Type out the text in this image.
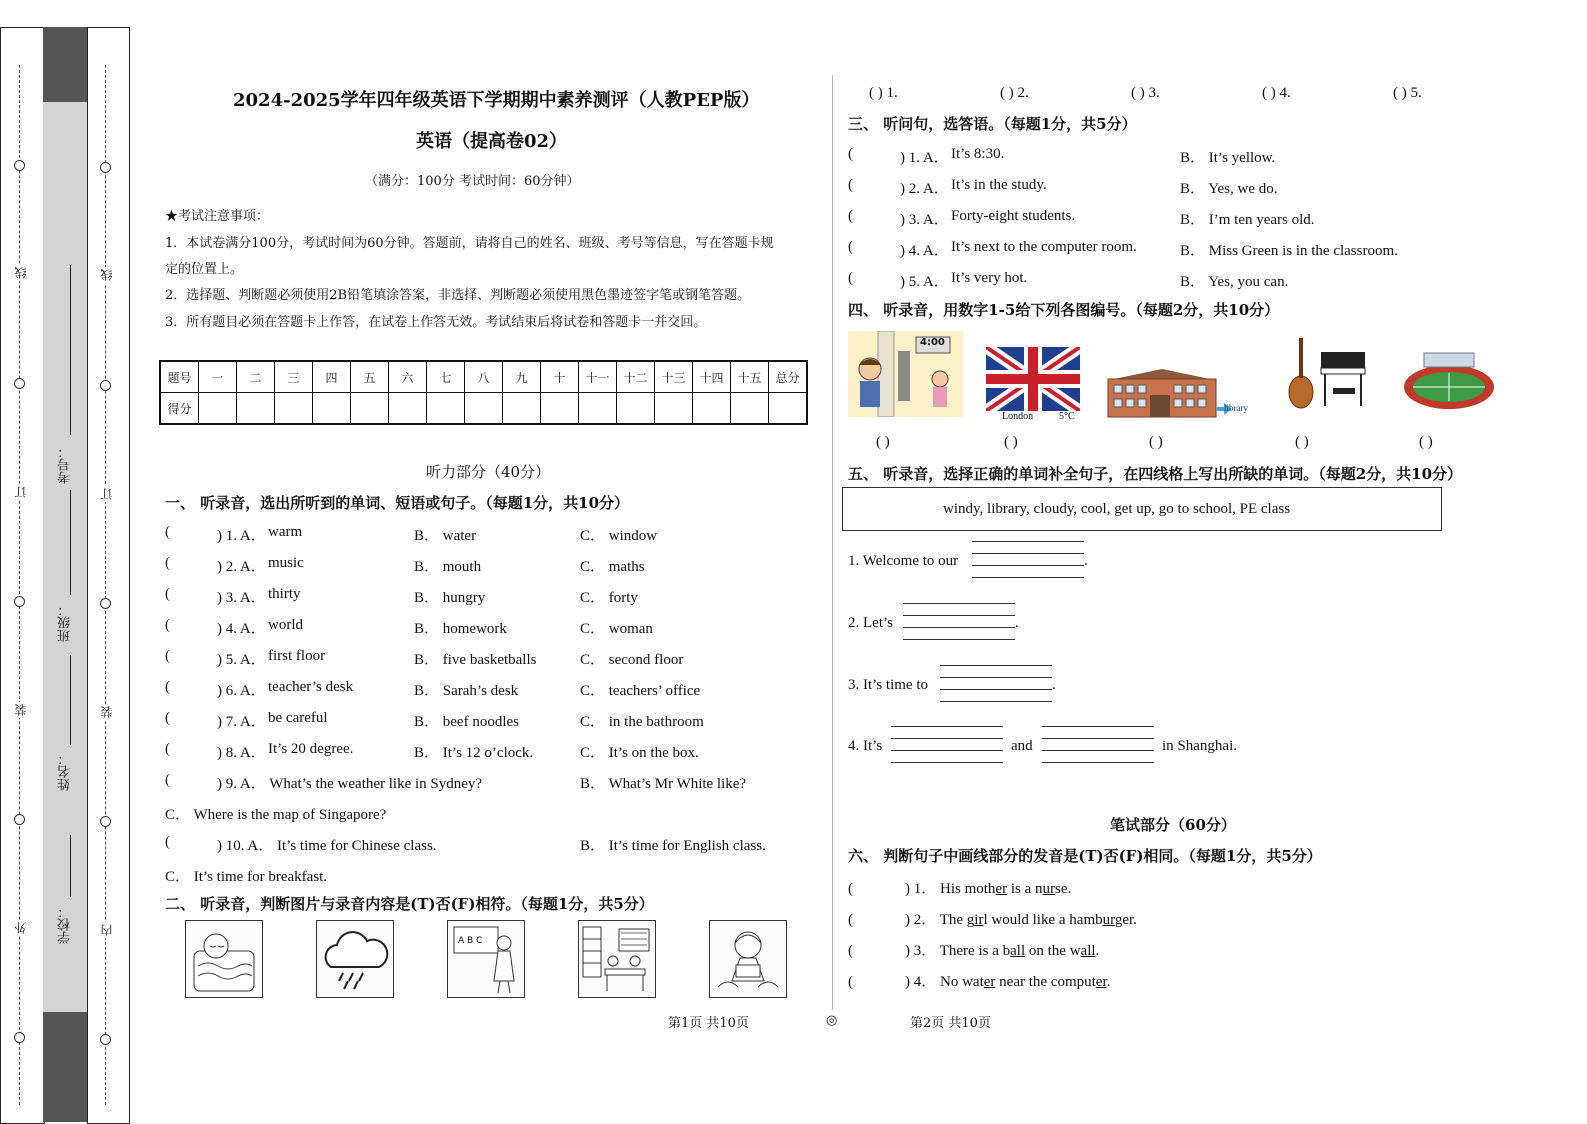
线
订
装
外
线
订
装
内
学校：
姓名：
班级：
考号：
2024-2025学年四年级英语下学期期中素养测评（人教PEP版）
英语（提高卷02）
（满分：100分 考试时间：60分钟）
★考试注意事项：
1．本试卷满分100分，考试时间为60分钟。答题前，请将自己的姓名、班级、考号等信息，写在答题卡规
定的位置上。
2．选择题、判断题必须使用2B铅笔填涂答案，非选择、判断题必须使用黑色墨迹签字笔或钢笔答题。
3．所有题目必须在答题卡上作答，在试卷上作答无效。考试结束后将试卷和答题卡一并交回。
题号	一	二	三	四	五	六	七	八	九	十	十一	十二	十三	十四	十五	总分
得分																
听力部分（40分）
一、 听录音，选出所听到的单词、短语或句子。（每题1分，共10分）
(	) 1. A． warm	B． water	C． window
(	) 2. A． music	B． mouth	C． maths
(	) 3. A． thirty	B． hungry	C． forty
(	) 4. A． world	B． homework	C． woman
(	) 5. A． first floor	B． five basketballs	C． second floor
(	) 6. A． teacher’s desk	B． Sarah’s desk	C． teachers’ office
(	) 7. A． be careful	B． beef noodles	C． in the bathroom
(	) 8. A． It’s 20 degree.	B． It’s 12 o’clock.	C． It’s on the box.
(	) 9. A． What’s the weather like in Sydney?	B． What’s Mr White like?
C． Where is the map of Singapore?
(	) 10. A． It’s time for Chinese class.	B． It’s time for English class.
C． It’s time for breakfast.
二、 听录音，判断图片与录音内容是(T)否(F)相符。（每题1分，共5分）
A B C
第1页 共10页	◎	第2页 共10页
( ) 1.	( ) 2.	( ) 3.	( ) 4.	( ) 5.
三、 听问句，选答语。（每题1分，共5分）
(	) 1. A． It’s 8:30.	B． It’s yellow.
(	) 2. A． It’s in the study.	B． Yes, we do.
(	) 3. A． Forty-eight students.	B． I’m ten years old.
(	) 4. A． It’s next to the computer room.	B． Miss Green is in the classroom.
(	) 5. A． It’s very hot.	B． Yes, you can.
四、 听录音，用数字1-5给下列各图编号。（每题2分，共10分）
4:00
London	5°C
library
( )	( )	( )	( )	( )
五、 听录音，选择正确的单词补全句子，在四线格上写出所缺的单词。（每题2分，共10分）
windy, library, cloudy, cool, get up, go to school, PE class
1. Welcome to our	.
2. Let’s	.
3. It’s time to	.
4. It’s	and	in Shanghai.
笔试部分（60分）
六、 判断句子中画线部分的发音是(T)否(F)相同。（每题1分，共5分）
(	) 1． His mother is a nurse.
(	) 2． The girl would like a hamburger.
(	) 3． There is a ball on the wall.
(	) 4． No water near the computer.
